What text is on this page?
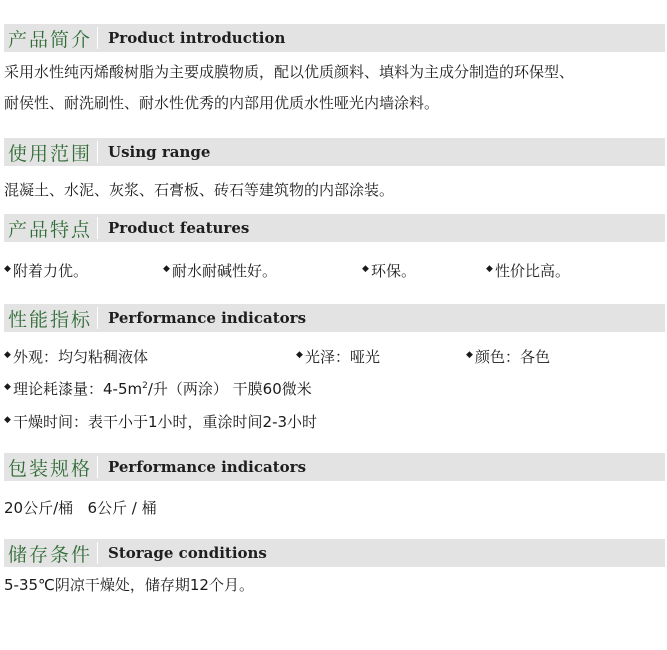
产品简介	Product introduction
采用水性纯丙烯酸树脂为主要成膜物质，配以优质颜料、填料为主成分制造的环保型、
耐侯性、耐洗刷性、耐水性优秀的内部用优质水性哑光内墙涂料。
使用范围	Using range
混凝土、水泥、灰浆、石膏板、砖石等建筑物的内部涂装。
产品特点	Product features
◆ 附着力优。	◆ 耐水耐碱性好。	◆ 环保。	◆ 性价比高。
性能指标	Performance indicators
◆ 外观：均匀粘稠液体	◆ 光泽：哑光	◆ 颜色：各色
◆ 理论耗漆量：$4-5m^2/$升（两涂） 干膜60微米
◆ 干燥时间：表干小于1小时，重涂时间2-3小时
包装规格	Performance indicators
20公斤/桶   6公斤 / 桶
储存条件	Storage conditions
5-35℃阴凉干燥处，储存期12个月。
